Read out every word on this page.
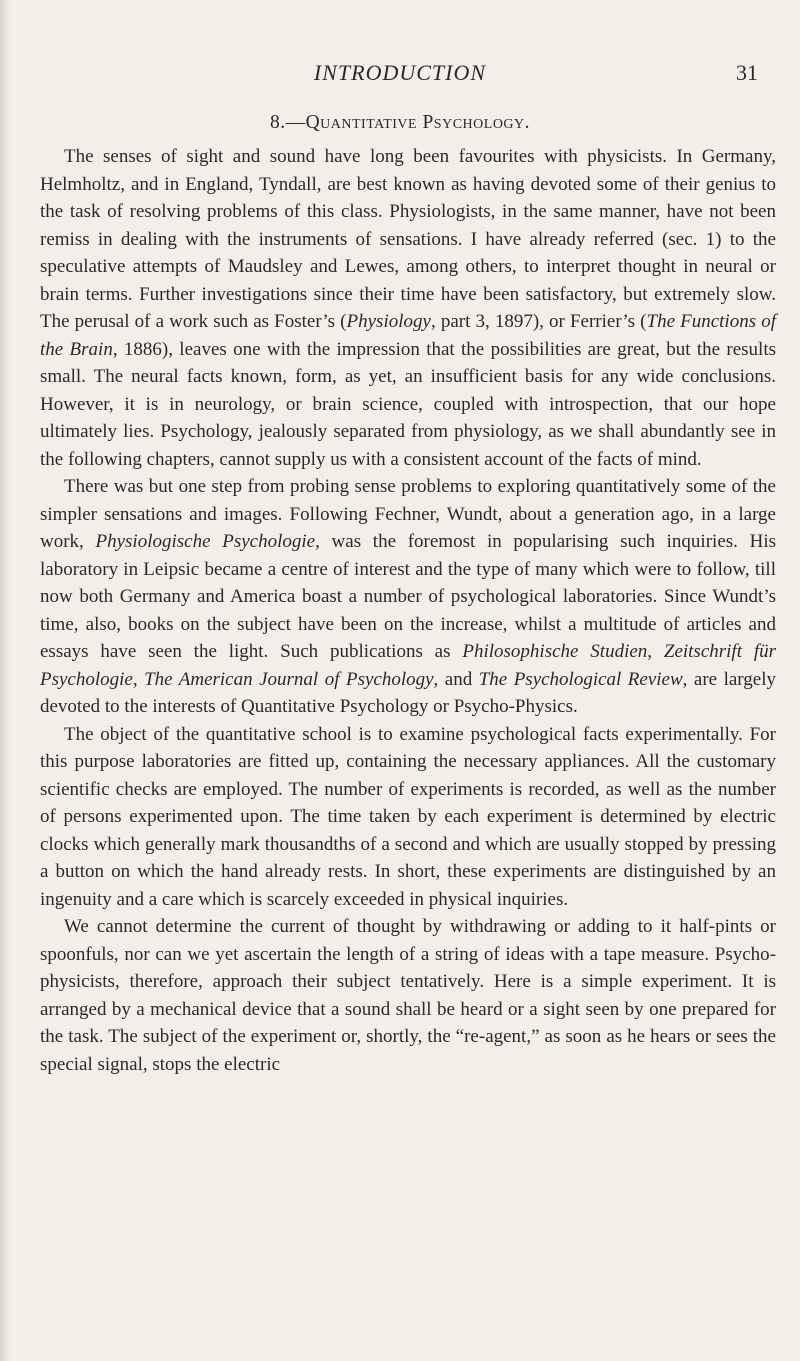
INTRODUCTION	31
8.—Quantitative Psychology.

The senses of sight and sound have long been favourites with physicists. In Germany, Helmholtz, and in England, Tyndall, are best known as having devoted some of their genius to the task of resolving problems of this class. Physiologists, in the same manner, have not been remiss in dealing with the instruments of sensations. I have already referred (sec. 1) to the speculative attempts of Maudsley and Lewes, among others, to interpret thought in neural or brain terms. Further investigations since their time have been satisfactory, but extremely slow. The perusal of a work such as Foster’s (Physiology, part 3, 1897), or Ferrier’s (The Functions of the Brain, 1886), leaves one with the impression that the possibilities are great, but the results small. The neural facts known, form, as yet, an insufficient basis for any wide conclusions. However, it is in neurology, or brain science, coupled with introspection, that our hope ultimately lies. Psychology, jealously separated from physiology, as we shall abundantly see in the following chapters, cannot supply us with a consistent account of the facts of mind.

There was but one step from probing sense problems to exploring quantitatively some of the simpler sensations and images. Following Fechner, Wundt, about a generation ago, in a large work, Physiologische Psychologie, was the foremost in popularising such inquiries. His laboratory in Leipsic became a centre of interest and the type of many which were to follow, till now both Germany and America boast a number of psychological laboratories. Since Wundt’s time, also, books on the subject have been on the increase, whilst a multitude of articles and essays have seen the light. Such publications as Philosophische Studien, Zeitschrift für Psychologie, The American Journal of Psychology, and The Psychological Review, are largely devoted to the interests of Quantitative Psychology or Psycho-Physics.

The object of the quantitative school is to examine psychological facts experimentally. For this purpose laboratories are fitted up, containing the necessary appliances. All the customary scientific checks are employed. The number of experiments is recorded, as well as the number of persons experimented upon. The time taken by each experiment is determined by electric clocks which generally mark thousandths of a second and which are usually stopped by pressing a button on which the hand already rests. In short, these experiments are distinguished by an ingenuity and a care which is scarcely exceeded in physical inquiries.

We cannot determine the current of thought by withdrawing or adding to it half-pints or spoonfuls, nor can we yet ascertain the length of a string of ideas with a tape measure. Psycho-physicists, therefore, approach their subject tentatively. Here is a simple experiment. It is arranged by a mechanical device that a sound shall be heard or a sight seen by one prepared for the task. The subject of the experiment or, shortly, the “re-agent,” as soon as he hears or sees the special signal, stops the electric
